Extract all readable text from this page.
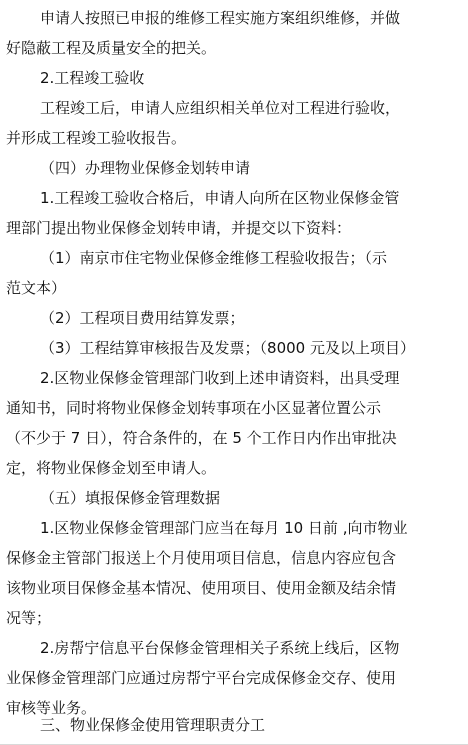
申请人按照已申报的维修工程实施方案组织维修，并做
好隐蔽工程及质量安全的把关。
2.工程竣工验收
工程竣工后，申请人应组织相关单位对工程进行验收，
并形成工程竣工验收报告。
（四）办理物业保修金划转申请
1.工程竣工验收合格后，申请人向所在区物业保修金管
理部门提出物业保修金划转申请，并提交以下资料：
（1）南京市住宅物业保修金维修工程验收报告；（示
范文本）
（2）工程项目费用结算发票；
（3）工程结算审核报告及发票；（8000 元及以上项目）
2.区物业保修金管理部门收到上述申请资料，出具受理
通知书，同时将物业保修金划转事项在小区显著位置公示
（不少于 7 日），符合条件的，在 5 个工作日内作出审批决
定，将物业保修金划至申请人。
（五）填报保修金管理数据
1.区物业保修金管理部门应当在每月 10 日前 ,向市物业
保修金主管部门报送上个月使用项目信息，信息内容应包含
该物业项目保修金基本情况、使用项目、使用金额及结余情
况等；
2.房帮宁信息平台保修金管理相关子系统上线后，区物
业保修金管理部门应通过房帮宁平台完成保修金交存、使用
审核等业务。
三、物业保修金使用管理职责分工
